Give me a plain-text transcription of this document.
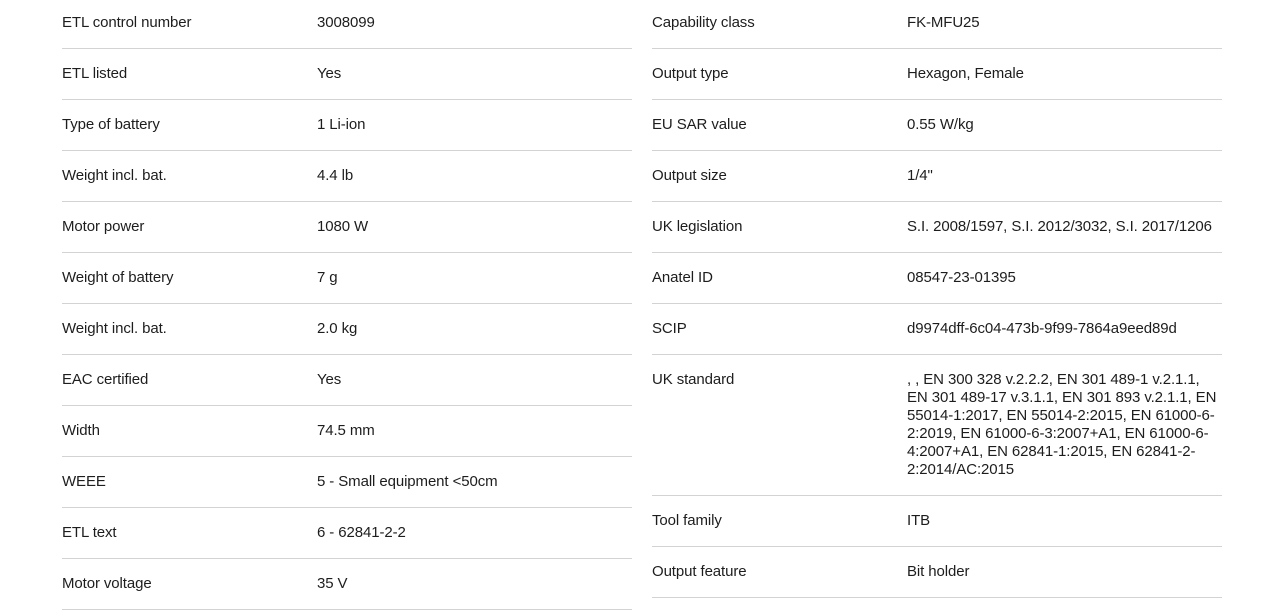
ETL control number	3008099
ETL listed	Yes
Type of battery	1 Li-ion
Weight incl. bat.	4.4 lb
Motor power	1080 W
Weight of battery	7 g
Weight incl. bat.	2.0 kg
EAC certified	Yes
Width	74.5 mm
WEEE	5 - Small equipment <50cm
ETL text	6 - 62841-2-2
Motor voltage	35 V
Capability class	FK-MFU25
Output type	Hexagon, Female
EU SAR value	0.55 W/kg
Output size	1/4"
UK legislation	S.I. 2008/1597, S.I. 2012/3032, S.I. 2017/1206
Anatel ID	08547-23-01395
SCIP	d9974dff-6c04-473b-9f99-7864a9eed89d
UK standard	, , EN 300 328 v.2.2.2, EN 301 489-1 v.2.1.1, EN 301 489-17 v.3.1.1, EN 301 893 v.2.1.1, EN 55014-1:2017, EN 55014-2:2015, EN 61000-6-2:2019, EN 61000-6-3:2007+A1, EN 61000-6-4:2007+A1, EN 62841-1:2015, EN 62841-2-2:2014/AC:2015
Tool family	ITB
Output feature	Bit holder
